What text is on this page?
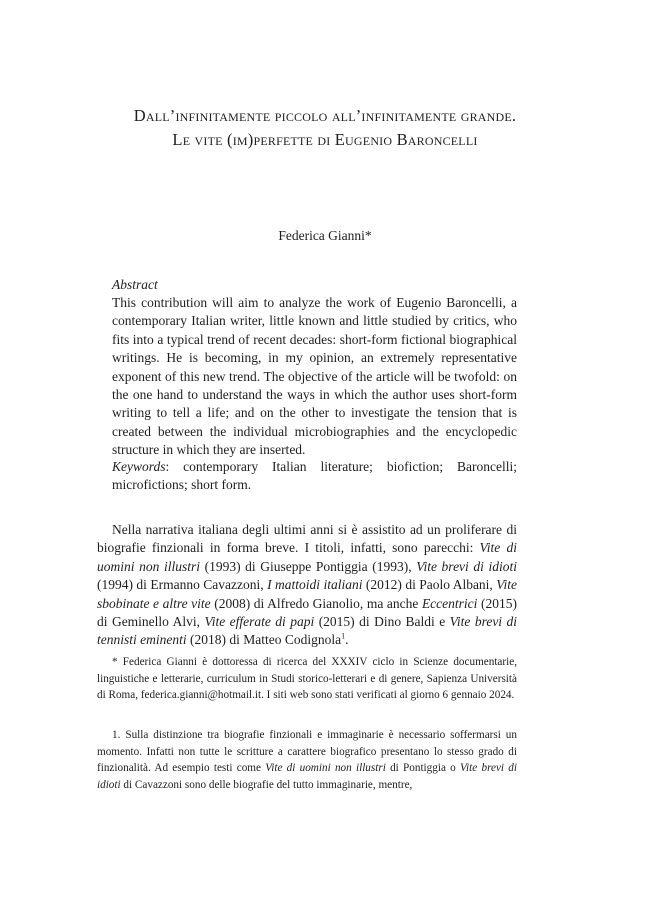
Dall’infinitamente piccolo all’infinitamente grande.
Le vite (im)perfette di Eugenio Baroncelli
Federica Gianni*
Abstract
This contribution will aim to analyze the work of Eugenio Baroncelli, a contemporary Italian writer, little known and little studied by critics, who fits into a typical trend of recent decades: short-form fictional biographical writings. He is becoming, in my opinion, an extremely representative exponent of this new trend. The objective of the article will be twofold: on the one hand to understand the ways in which the author uses short-form writing to tell a life; and on the other to investigate the tension that is created between the individual microbiographies and the encyclopedic structure in which they are inserted.
Keywords: contemporary Italian literature; biofiction; Baroncelli; microfictions; short form.
Nella narrativa italiana degli ultimi anni si è assistito ad un proliferare di biografie finzionali in forma breve. I titoli, infatti, sono parecchi: Vite di uomini non illustri (1993) di Giuseppe Pontiggia (1993), Vite brevi di idioti (1994) di Ermanno Cavazzoni, I mattoidi italiani (2012) di Paolo Albani, Vite sbobinate e altre vite (2008) di Alfredo Gianolio, ma anche Eccentrici (2015) di Geminello Alvi, Vite efferate di papi (2015) di Dino Baldi e Vite brevi di tennisti eminenti (2018) di Matteo Codignola$^1$.
* Federica Gianni è dottoressa di ricerca del XXXIV ciclo in Scienze documentarie, linguistiche e letterarie, curriculum in Studi storico-letterari e di genere, Sapienza Università di Roma, federica.gianni@hotmail.it. I siti web sono stati verificati al giorno 6 gennaio 2024.
1. Sulla distinzione tra biografie finzionali e immaginarie è necessario soffermarsi un momento. Infatti non tutte le scritture a carattere biografico presentano lo stesso grado di finzionalità. Ad esempio testi come Vite di uomini non illustri di Pontiggia o Vite brevi di idioti di Cavazzoni sono delle biografie del tutto immaginarie, mentre,
